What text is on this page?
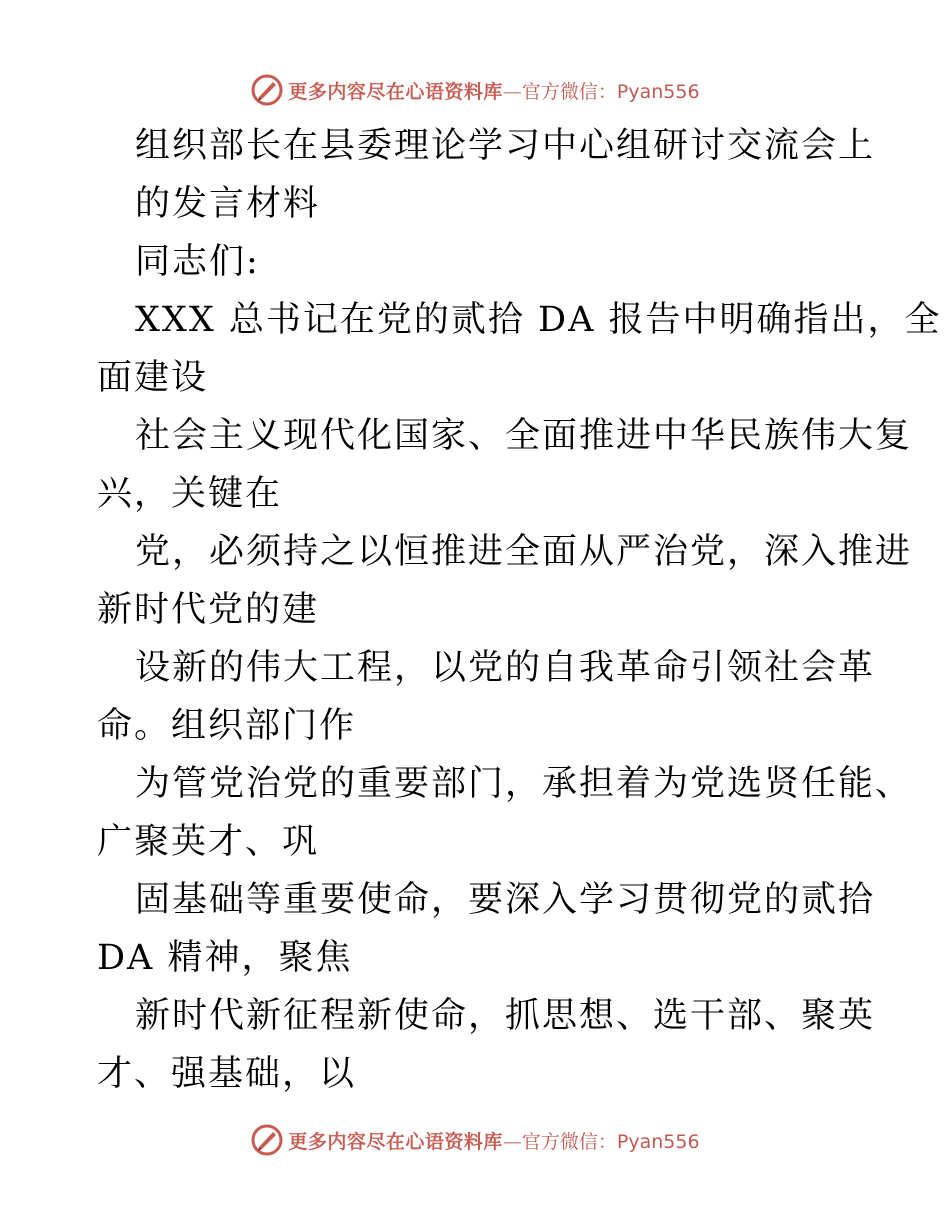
更多内容尽在心语资料库—官方微信：Pyan556
组织部长在县委理论学习中心组研讨交流会上
的发言材料
同志们:
XXX 总书记在党的贰拾 DA 报告中明确指出，全
面建设
社会主义现代化国家、全面推进中华民族伟大复
兴，关键在
党，必须持之以恒推进全面从严治党，深入推进
新时代党的建
设新的伟大工程，以党的自我革命引领社会革
命。组织部门作
为管党治党的重要部门，承担着为党选贤任能、
广聚英才、巩
固基础等重要使命，要深入学习贯彻党的贰拾
DA 精神，聚焦
新时代新征程新使命，抓思想、选干部、聚英
才、强基础，以
更多内容尽在心语资料库—官方微信：Pyan556
